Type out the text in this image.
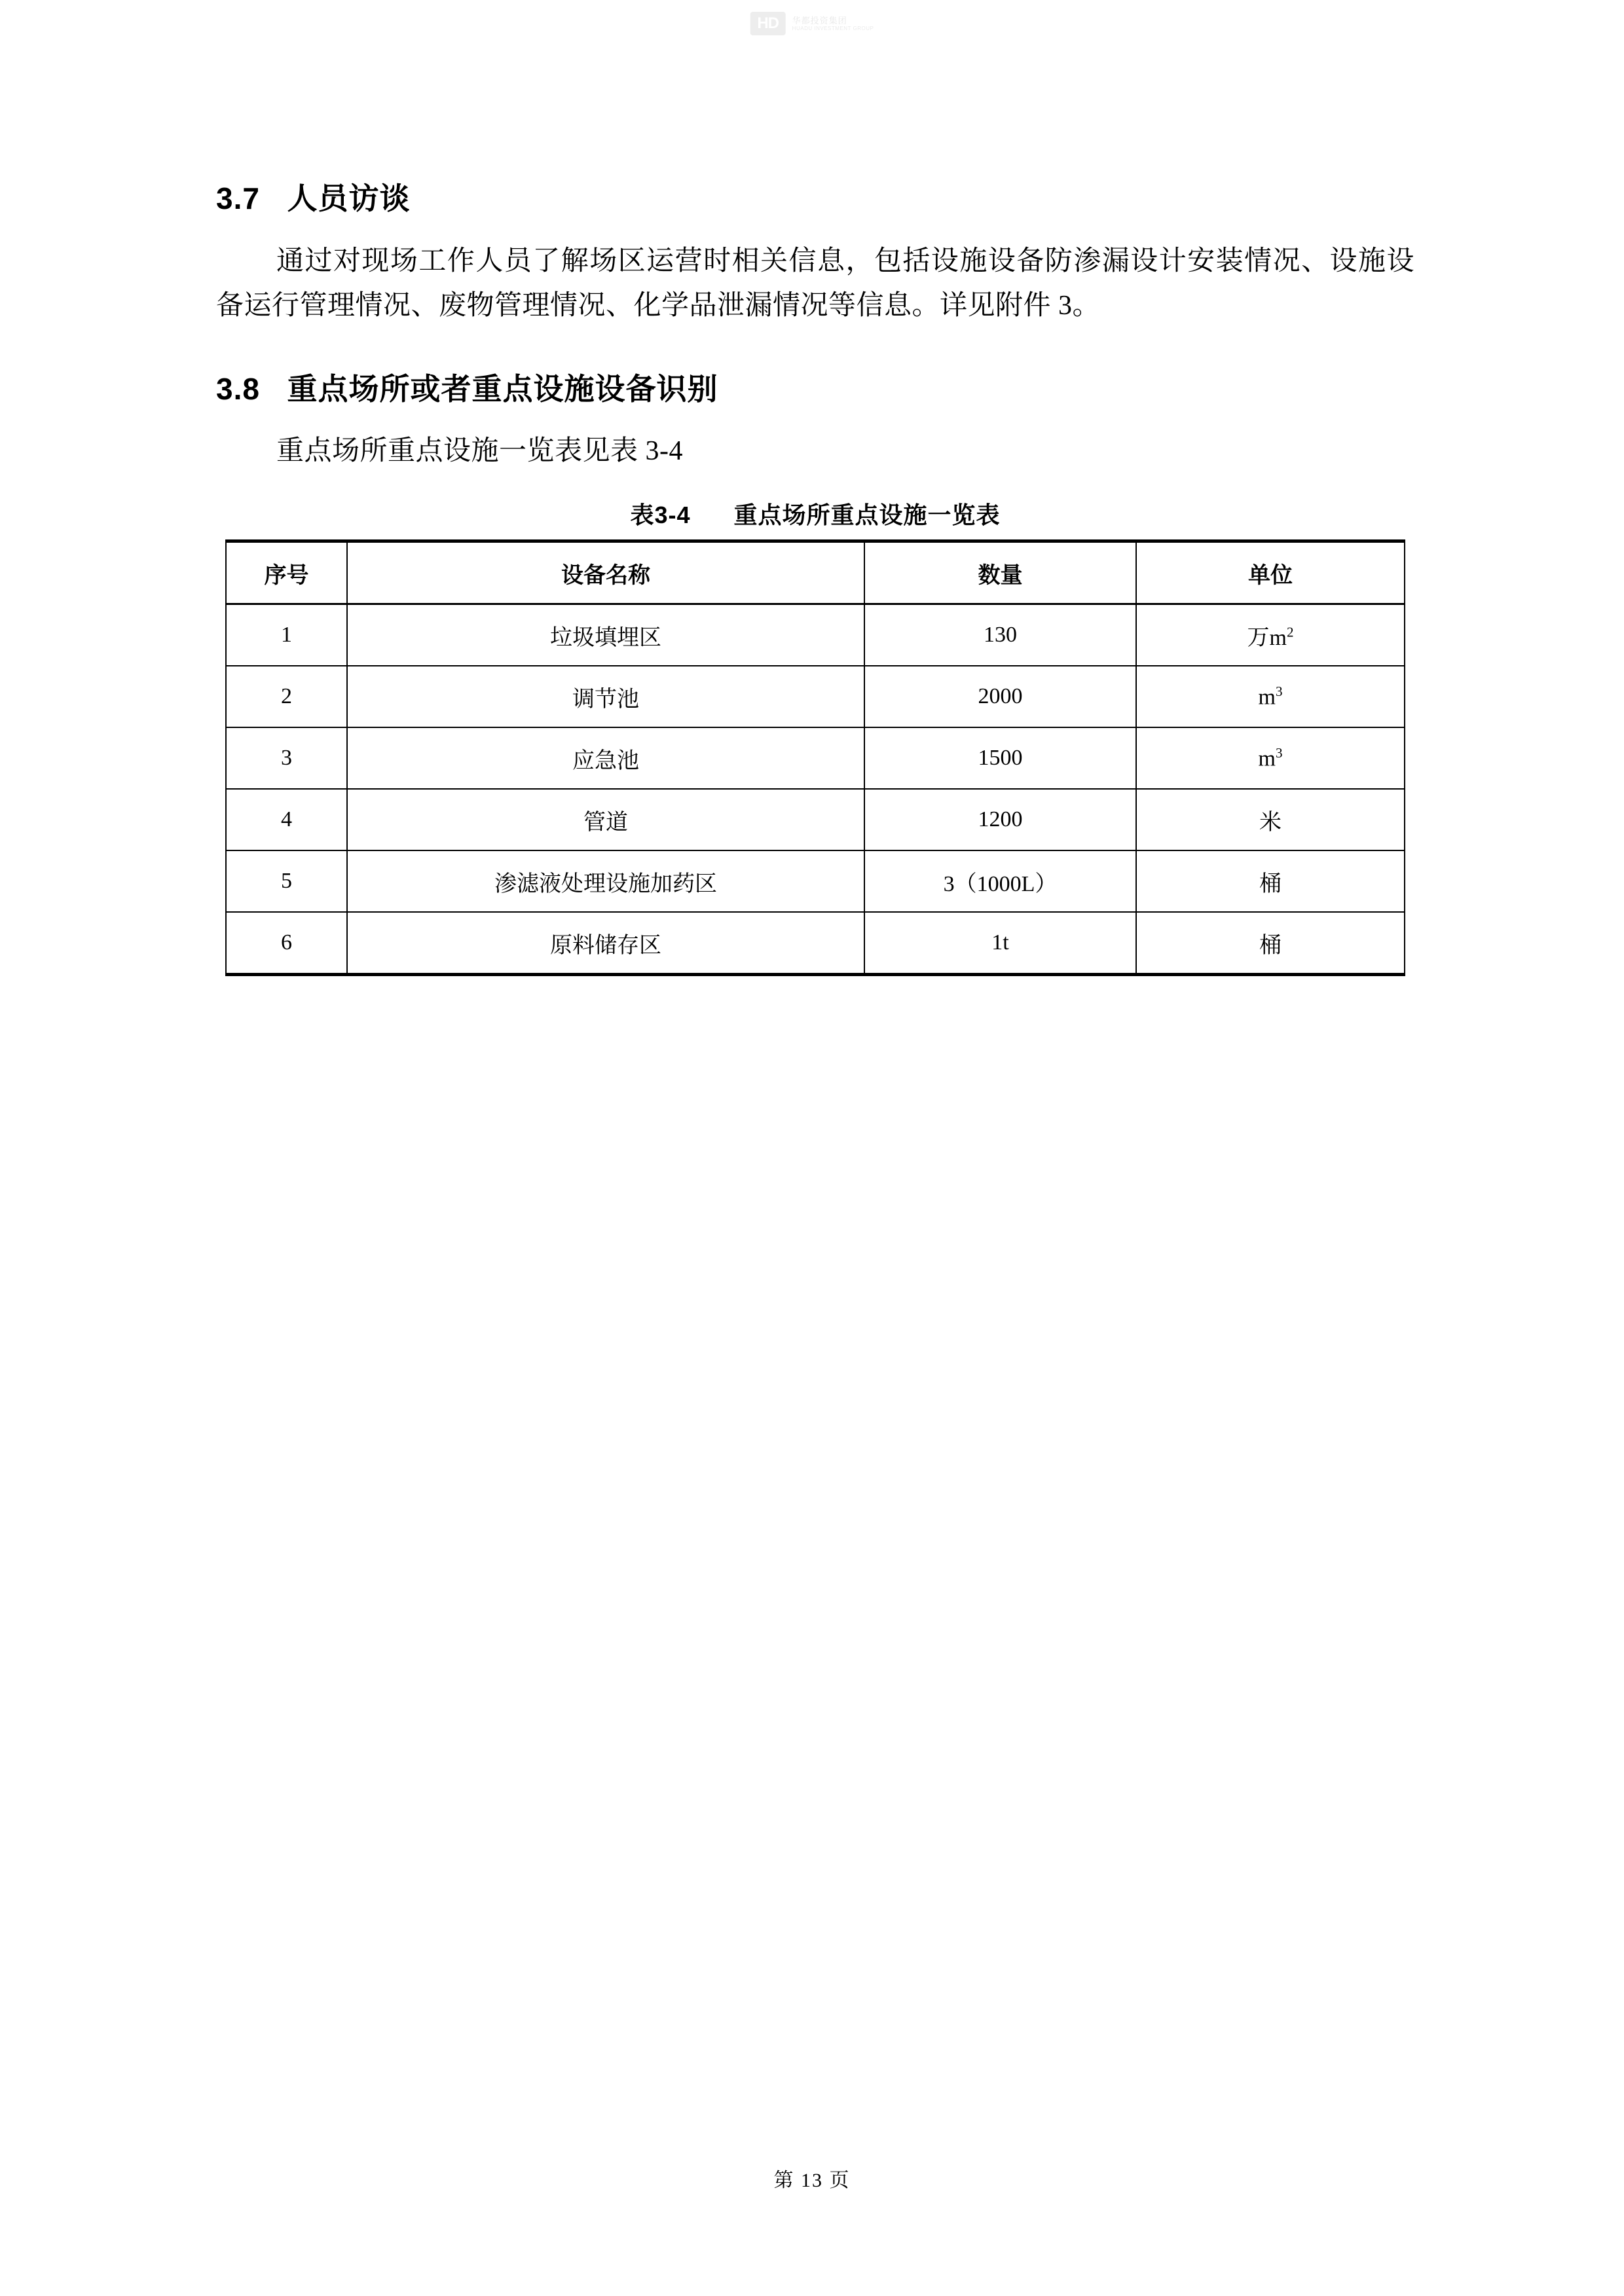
HD	华都投资集团
HUADU INVESTMENT GROUP
3.7 人员访谈

通过对现场工作人员了解场区运营时相关信息，包括设施设备防渗漏设计安装情况、设施设备运行管理情况、废物管理情况、化学品泄漏情况等信息。详见附件 3。

3.8 重点场所或者重点设施设备识别

重点场所重点设施一览表见表 3-4

表3-4 重点场所重点设施一览表
序号	设备名称	数量	单位
1	垃圾填埋区	130	万$m^2$
2	调节池	2000	$m^3$
3	应急池	1500	$m^3$
4	管道	1200	米
5	渗滤液处理设施加药区	3（1000L）	桶
6	原料储存区	1t	桶
第 13 页
